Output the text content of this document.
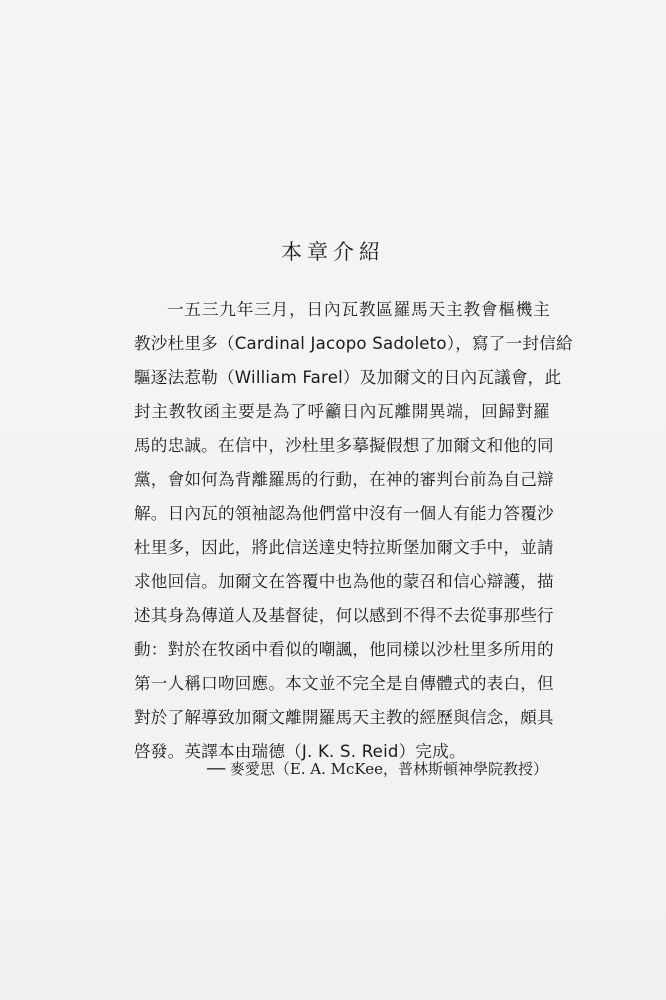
本章介紹
一五三九年三月，日內瓦教區羅馬天主教會樞機主
教沙杜里多（Cardinal Jacopo Sadoleto），寫了一封信給
驅逐法惹勒（William Farel）及加爾文的日內瓦議會，此
封主教牧函主要是為了呼籲日內瓦離開異端，回歸對羅
馬的忠誠。在信中，沙杜里多摹擬假想了加爾文和他的同
黨，會如何為背離羅馬的行動，在神的審判台前為自己辯
解。日內瓦的領袖認為他們當中沒有一個人有能力答覆沙
杜里多，因此，將此信送達史特拉斯堡加爾文手中，並請
求他回信。加爾文在答覆中也為他的蒙召和信心辯護，描
述其身為傳道人及基督徒，何以感到不得不去從事那些行
動：對於在牧函中看似的嘲諷，他同樣以沙杜里多所用的
第一人稱口吻回應。本文並不完全是自傳體式的表白，但
對於了解導致加爾文離開羅馬天主教的經歷與信念，頗具
啓發。英譯本由瑞德（J. K. S. Reid）完成。
── 麥愛思（E. A. McKee，普林斯頓神學院教授）
